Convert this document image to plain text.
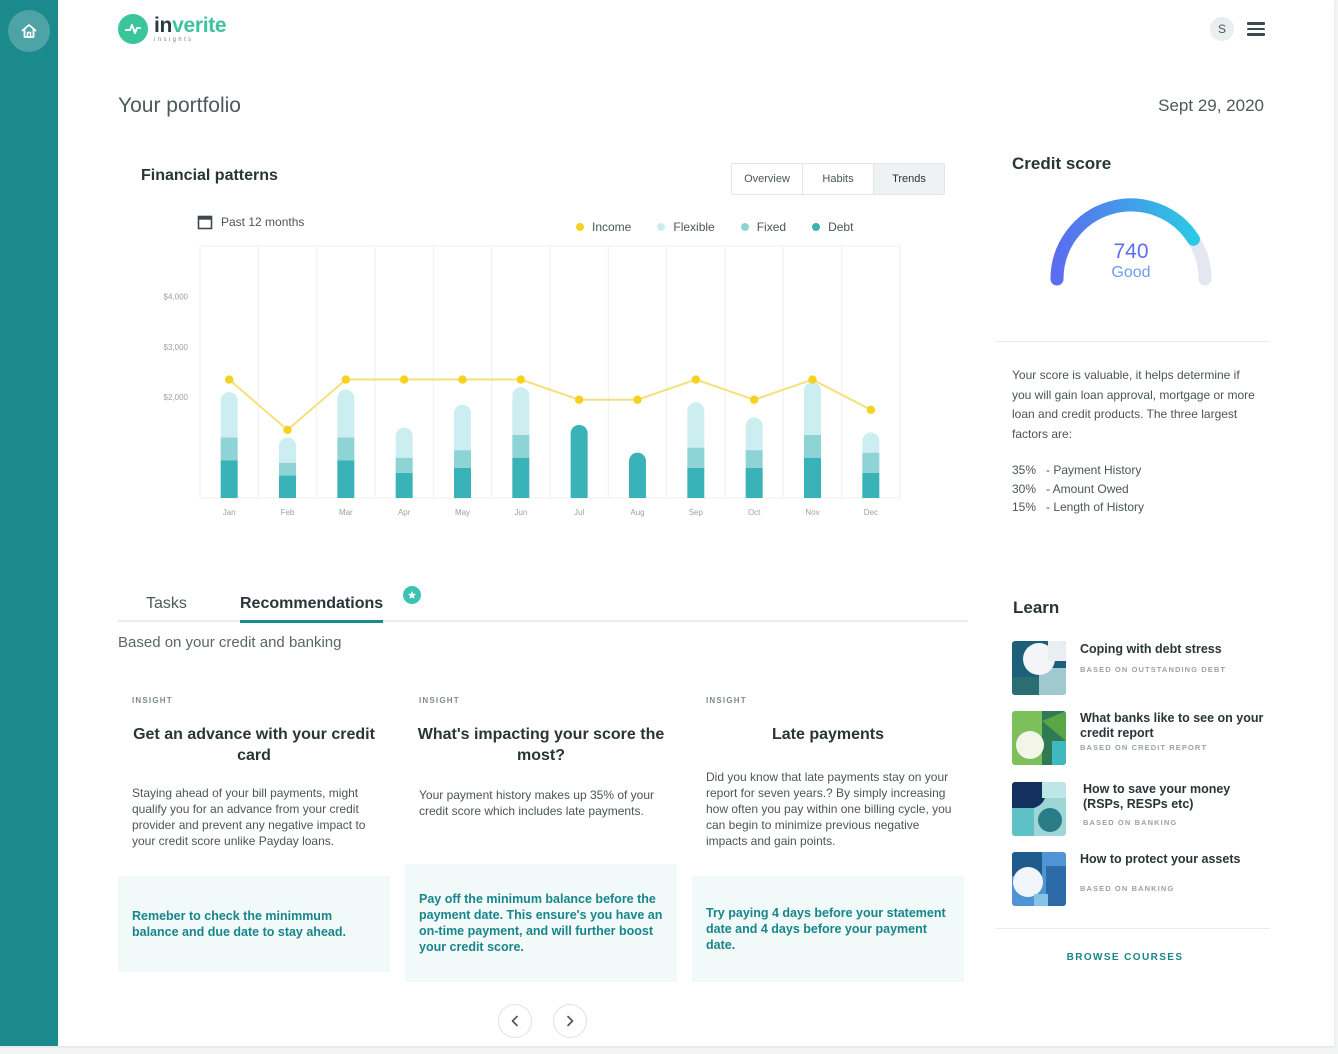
inverite
insights
S
Your portfolio	Sept 29, 2020
Financial patterns	Overview	Habits	Trends
Past 12 months	Income	Flexible	Fixed	Debt
$4,000
$3,000
$2,000
Jan	Feb	Mar	Apr	May	Jun	Jul	Aug	Sep	Oct	Nov	Dec
Credit score
740
Good
Your score is valuable, it helps determine if you will gain loan approval, mortgage or more loan and credit products. The three largest factors are:
35% - Payment History
30% - Amount Owed
15% - Length of History
Tasks	Recommendations
Based on your credit and banking
INSIGHT
Get an advance with your credit card
Staying ahead of your bill payments, might qualify you for an advance from your credit provider and prevent any negative impact to your credit score unlike Payday loans.
Remeber to check the minimmum balance and due date to stay ahead.
INSIGHT
What's impacting your score the most?
Your payment history makes up 35% of your credit score which includes late payments.
Pay off the minimum balance before the payment date. This ensure's you have an on-time payment, and will further boost your credit score.
INSIGHT
Late payments
Did you know that late payments stay on your report for seven years.? By simply increasing how often you pay within one billing cycle, you can begin to minimize previous negative impacts and gain points.
Try paying 4 days before your statement date and 4 days before your payment date.
Learn
Coping with debt stress
BASED ON OUTSTANDING DEBT
What banks like to see on your credit report
BASED ON CREDIT REPORT
How to save your money (RSPs, RESPs etc)
BASED ON BANKING
How to protect your assets
BASED ON BANKING
BROWSE COURSES
